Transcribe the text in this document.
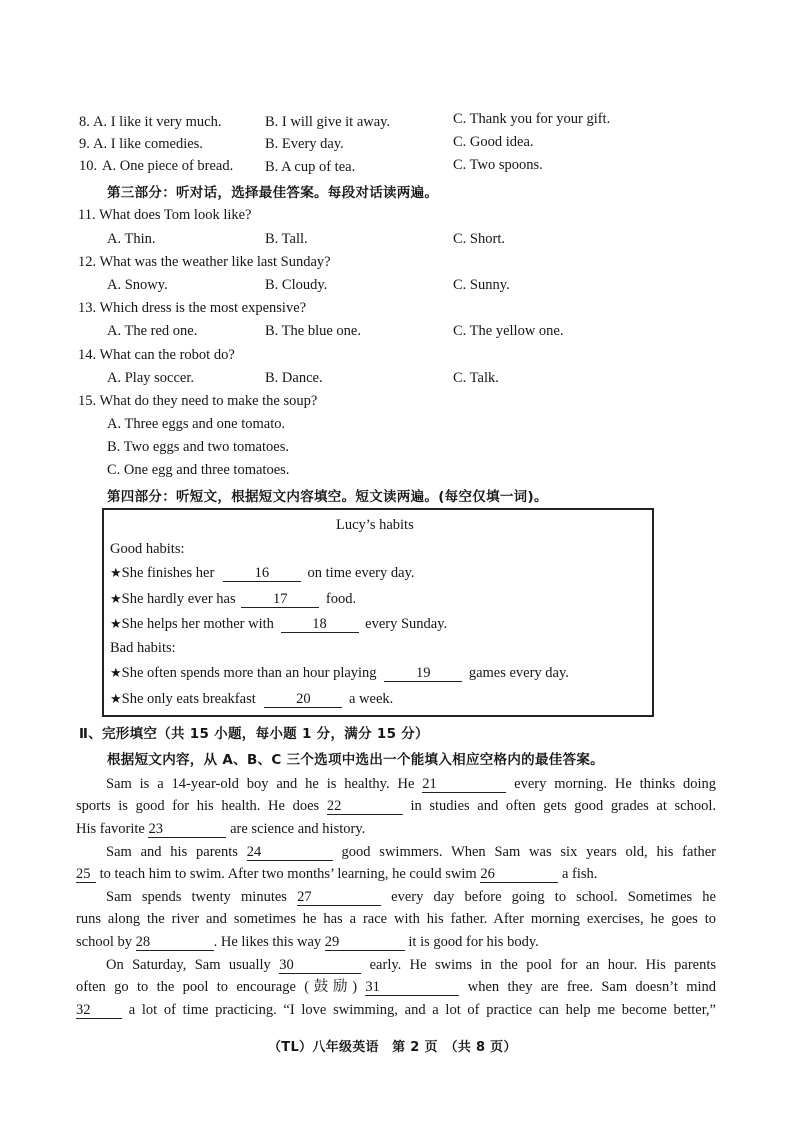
8. A. I like it very much.	B. I will give it away.	C. Thank you for your gift.
9. A. I like comedies.	B. Every day.	C. Good idea.
10. A. One piece of bread. B. A cup of tea.	C. Two spoons.
第三部分：听对话，选择最佳答案。每段对话读两遍。
11. What does Tom look like?
A. Thin.	B. Tall.	C. Short.
12. What was the weather like last Sunday?
A. Snowy.	B. Cloudy.	C. Sunny.
13. Which dress is the most expensive?
A. The red one.	B. The blue one.	C. The yellow one.
14. What can the robot do?
A. Play soccer.	B. Dance.	C. Talk.
15. What do they need to make the soup?
A. Three eggs and one tomato.
B. Two eggs and two tomatoes.
C. One egg and three tomatoes.
第四部分：听短文，根据短文内容填空。短文读两遍。(每空仅填一词)。
Lucy’s habits
Good habits:
★She finishes her	16	on time every day.
★She hardly ever has	17	food.
★She helps her mother with	18	every Sunday.
Bad habits:
★She often spends more than an hour playing	19	games every day.
★She only eats breakfast	20	a week.
Ⅱ、完形填空（共 15 小题，每小题 1 分，满分 15 分）
根据短文内容，从 A、B、C 三个选项中选出一个能填入相应空格内的最佳答案。
Sam is a 14-year-old boy and he is healthy. He 21	every morning. He thinks doing
sports is good for his health. He does 22	in studies and often gets good grades at school.
His favorite 23	are science and history.
Sam and his parents 24	good swimmers. When Sam was six years old, his father
25 to teach him to swim. After two months’ learning, he could swim 26	a fish.
Sam spends twenty minutes 27	every day before going to school. Sometimes he
runs along the river and sometimes he has a race with his father. After morning exercises, he goes to
school by 28	. He likes this way 29	it is good for his body.
On Saturday, Sam usually 30	early. He swims in the pool for an hour. His parents
often go to the pool to encourage (鼓励) 31	when they are free. Sam doesn’t mind
32	a lot of time practicing. “I love swimming, and a lot of practice can help me become better,”
（TL）八年级英语　第 2 页　（共 8 页）
